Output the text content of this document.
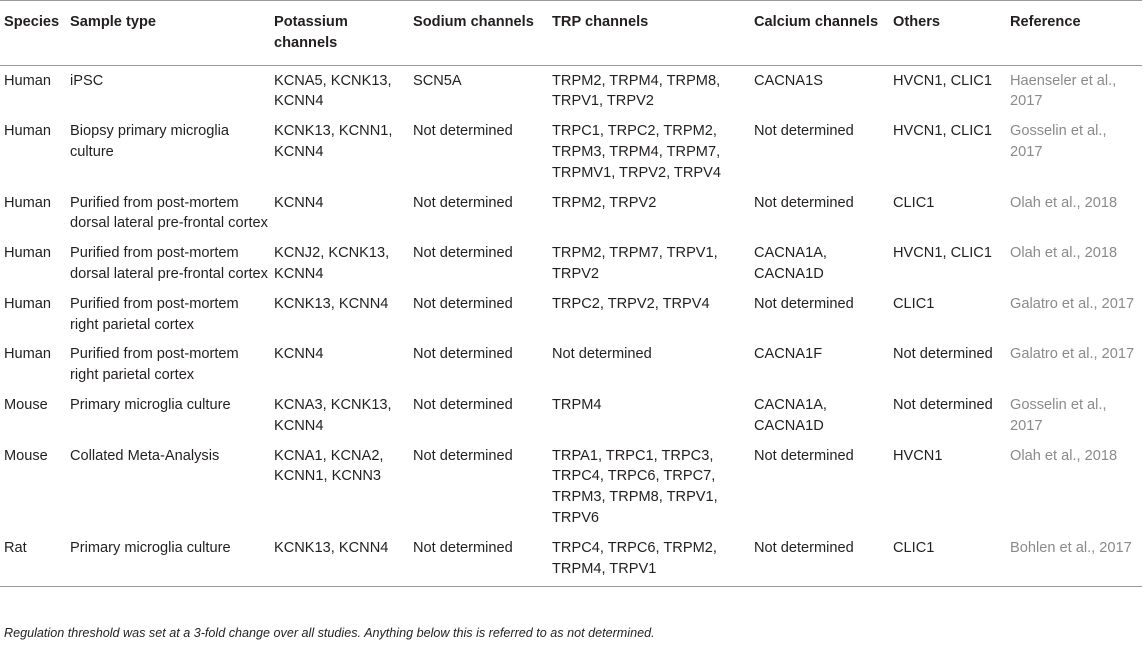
Species	Sample type	Potassium channels	Sodium channels	TRP channels	Calcium channels	Others	Reference
Human	iPSC	KCNA5, KCNK13, KCNN4	SCN5A	TRPM2, TRPM4, TRPM8, TRPV1, TRPV2	CACNA1S	HVCN1, CLIC1	Haenseler et al., 2017
Human	Biopsy primary microglia culture	KCNK13, KCNN1, KCNN4	Not determined	TRPC1, TRPC2, TRPM2, TRPM3, TRPM4, TRPM7, TRPMV1, TRPV2, TRPV4	Not determined	HVCN1, CLIC1	Gosselin et al., 2017
Human	Purified from post-mortem dorsal lateral pre-frontal cortex	KCNN4	Not determined	TRPM2, TRPV2	Not determined	CLIC1	Olah et al., 2018
Human	Purified from post-mortem dorsal lateral pre-frontal cortex	KCNJ2, KCNK13, KCNN4	Not determined	TRPM2, TRPM7, TRPV1, TRPV2	CACNA1A, CACNA1D	HVCN1, CLIC1	Olah et al., 2018
Human	Purified from post-mortem right parietal cortex	KCNK13, KCNN4	Not determined	TRPC2, TRPV2, TRPV4	Not determined	CLIC1	Galatro et al., 2017
Human	Purified from post-mortem right parietal cortex	KCNN4	Not determined	Not determined	CACNA1F	Not determined	Galatro et al., 2017
Mouse	Primary microglia culture	KCNA3, KCNK13, KCNN4	Not determined	TRPM4	CACNA1A, CACNA1D	Not determined	Gosselin et al., 2017
Mouse	Collated Meta-Analysis	KCNA1, KCNA2, KCNN1, KCNN3	Not determined	TRPA1, TRPC1, TRPC3, TRPC4, TRPC6, TRPC7, TRPM3, TRPM8, TRPV1, TRPV6	Not determined	HVCN1	Olah et al., 2018
Rat	Primary microglia culture	KCNK13, KCNN4	Not determined	TRPC4, TRPC6, TRPM2, TRPM4, TRPV1	Not determined	CLIC1	Bohlen et al., 2017
Regulation threshold was set at a 3-fold change over all studies. Anything below this is referred to as not determined.
